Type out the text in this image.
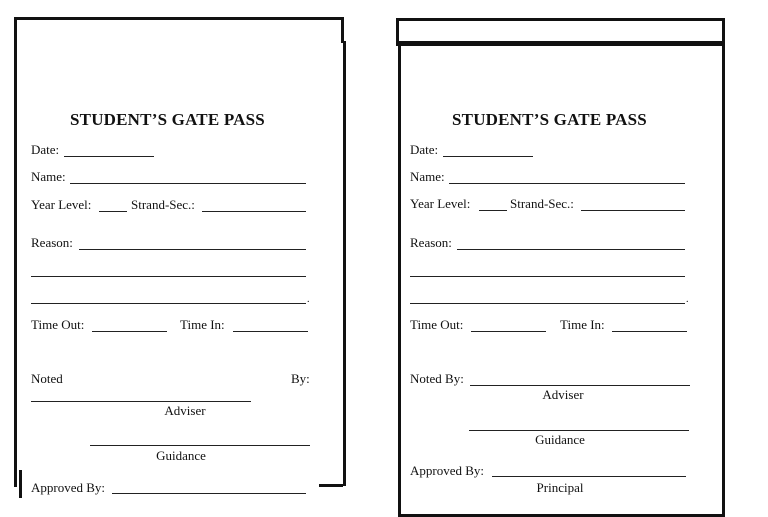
STUDENT’S GATE PASS
Date:
Name:
Year Level:	Strand-Sec.:
Reason:
.
Time Out:	Time In:
Noted	By:
Adviser
Guidance
Approved By:
STUDENT’S GATE PASS
Date:
Name:
Year Level:	Strand-Sec.:
Reason:
.
Time Out:	Time In:
Noted By:
Adviser
Guidance
Approved By:
Principal
